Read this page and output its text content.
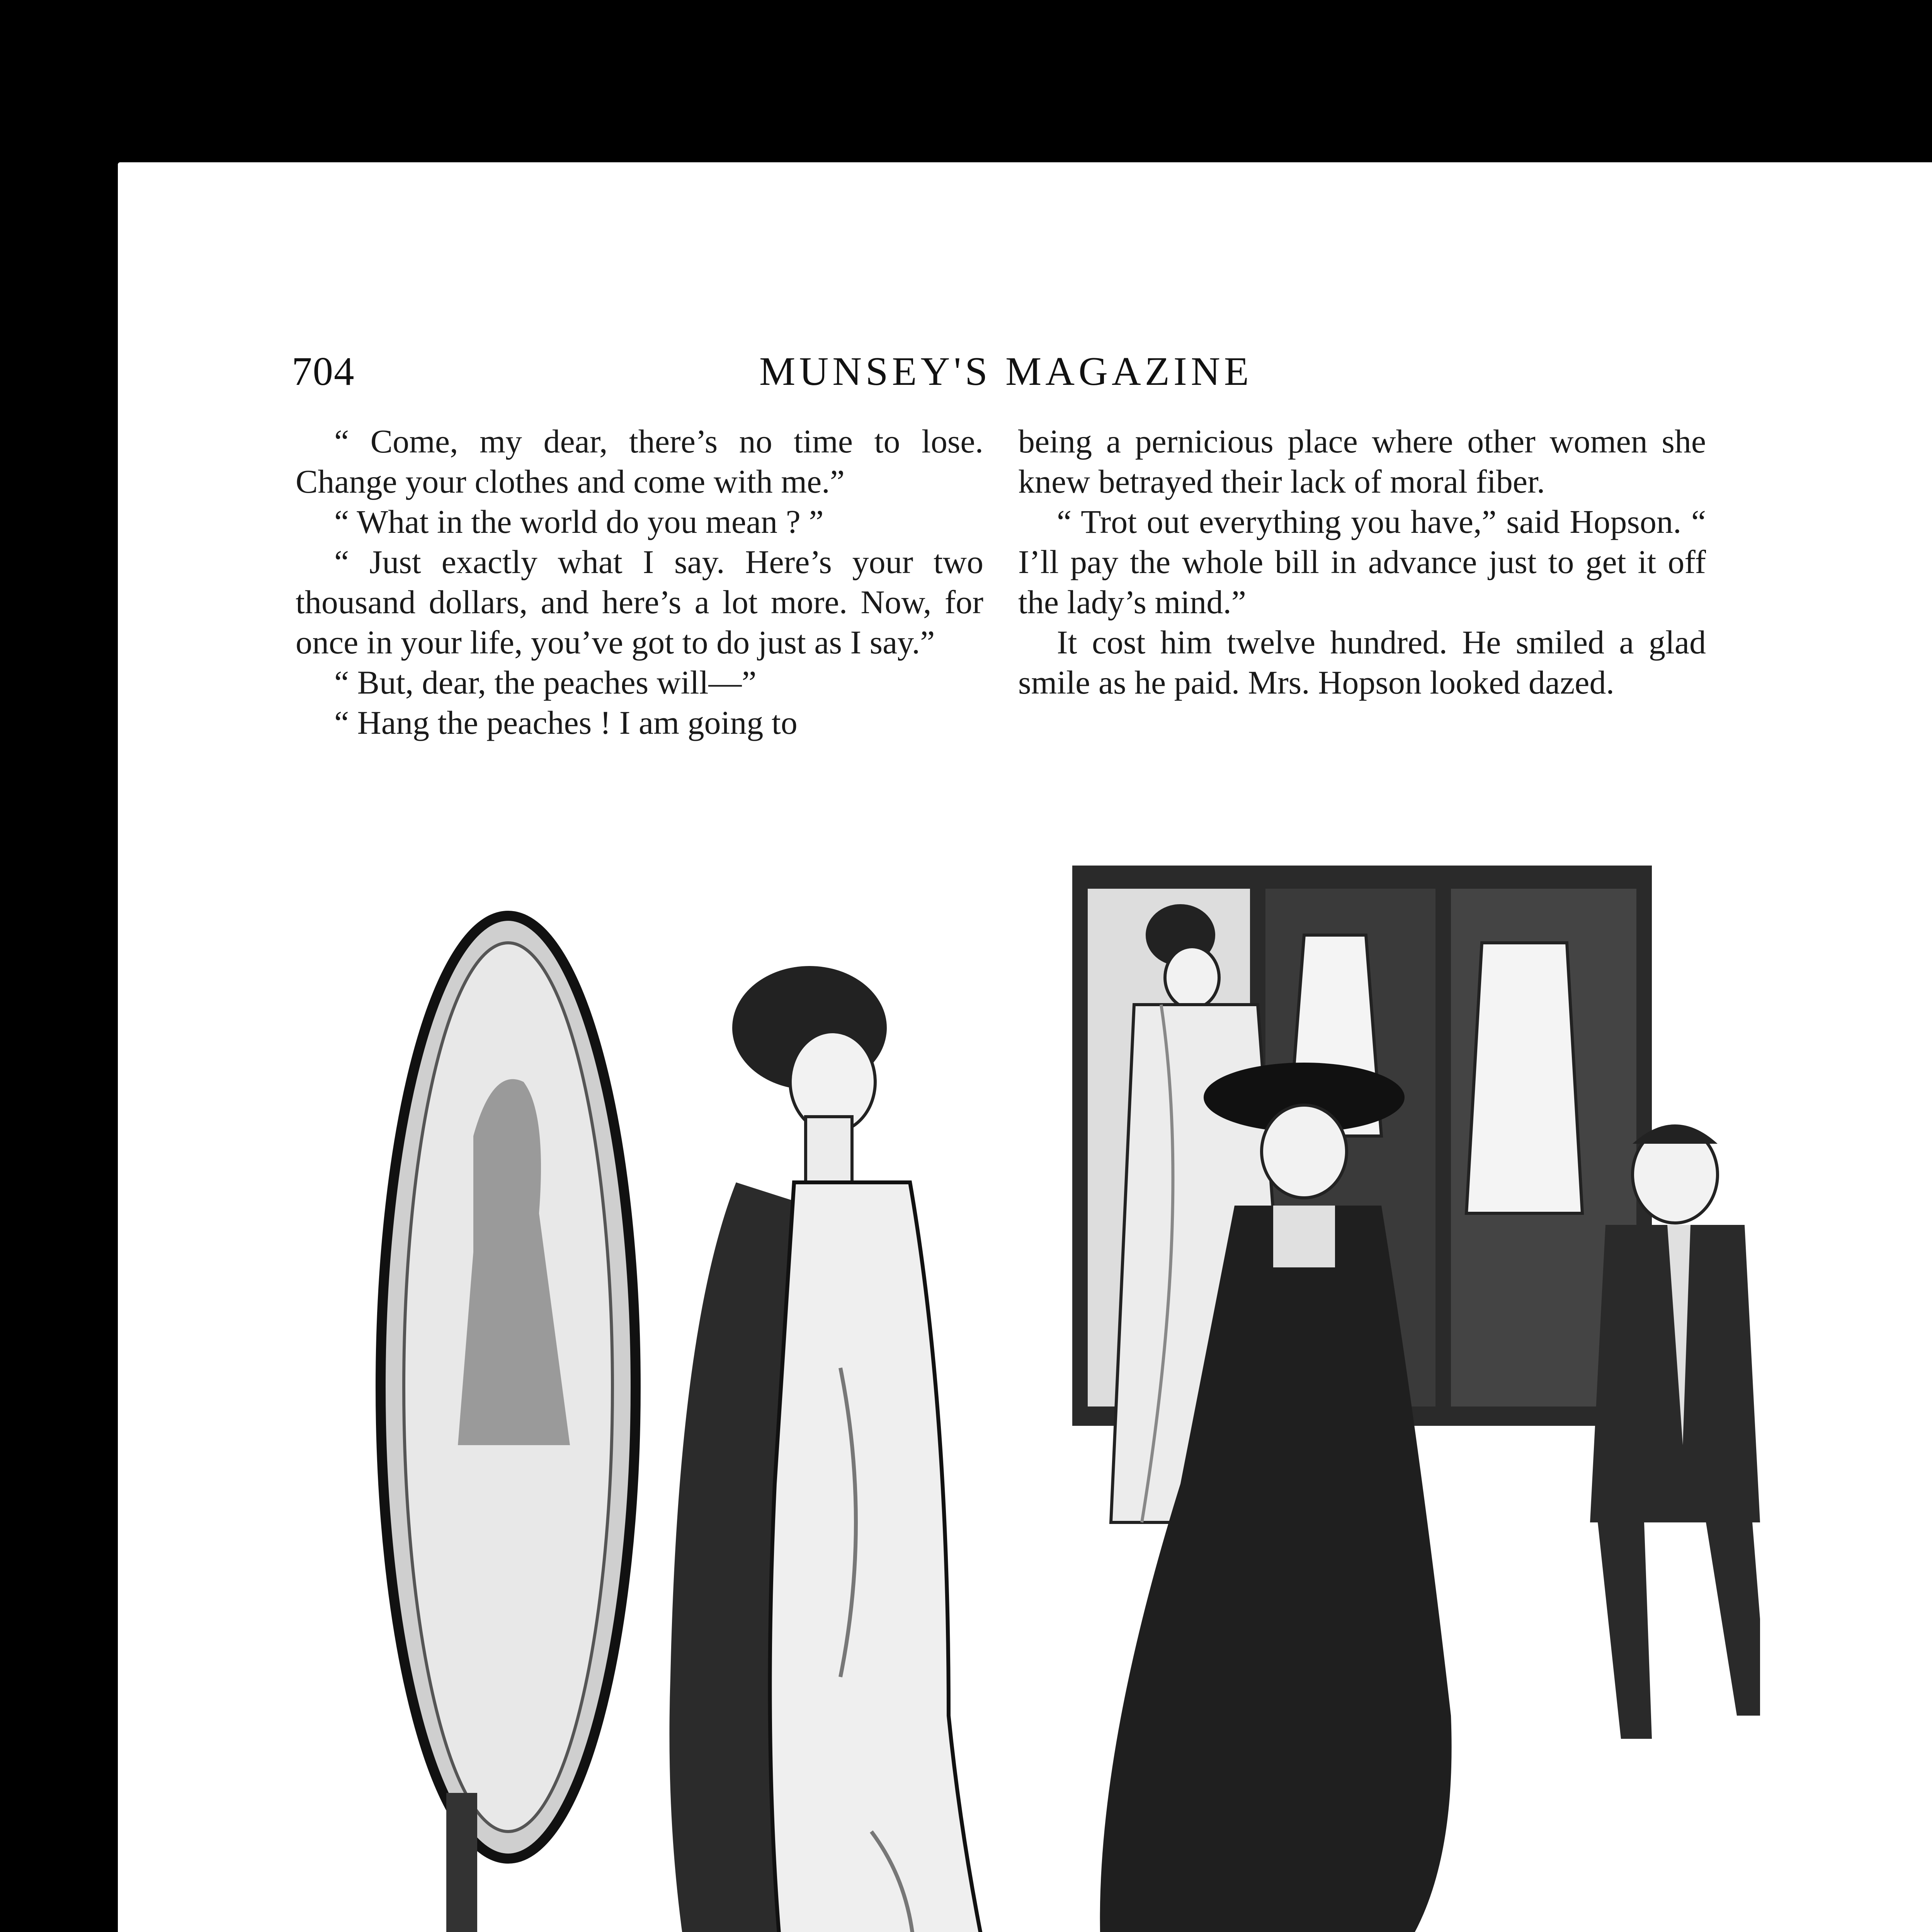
704	MUNSEY'S MAGAZINE

“ Come, my dear, there’s no time to lose. Change your clothes and come with me.”

“ What in the world do you mean ? ”

“ Just exactly what I say. Here’s your two thousand dollars, and here’s a lot more. Now, for once in your life, you’ve got to do just as I say.”

“ But, dear, the peaches will—”

“ Hang the peaches ! I am going to

being a pernicious place where other women she knew betrayed their lack of moral fiber.

“ Trot out everything you have,” said Hopson. “ I’ll pay the whole bill in advance just to get it off the lady’s mind.”

It cost him twelve hundred. He smiled a glad smile as he paid. Mrs. Hopson looked dazed.
